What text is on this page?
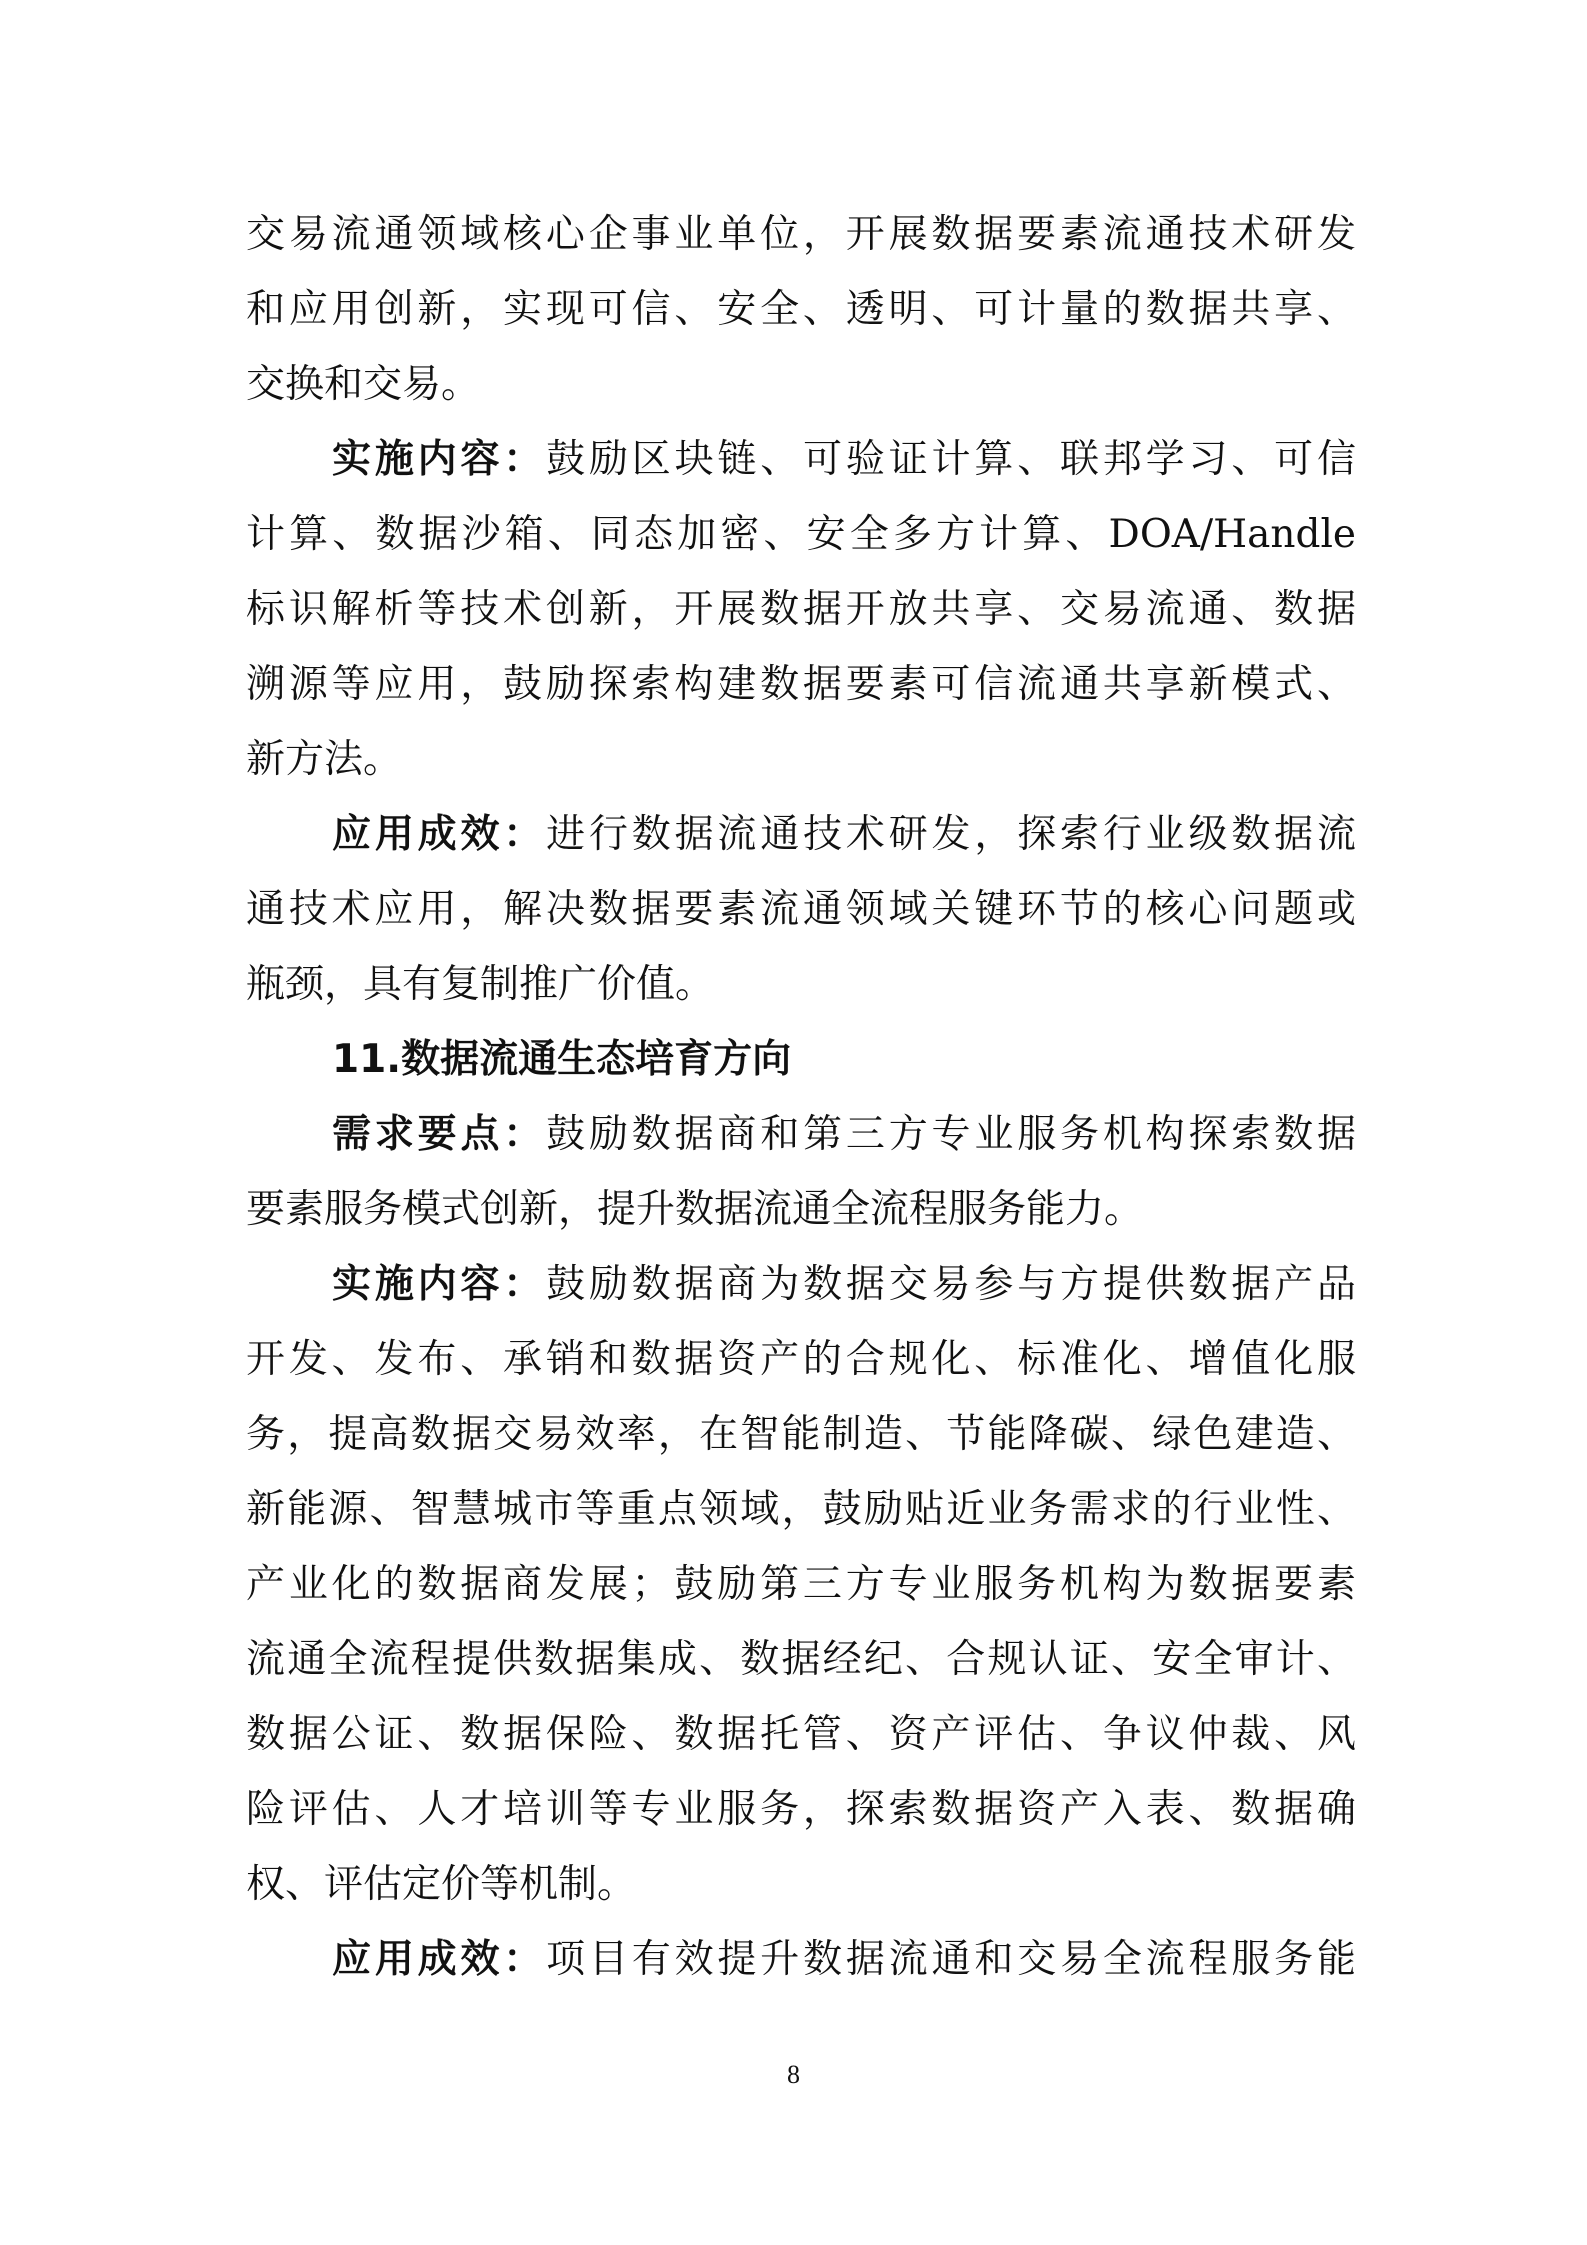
交易流通领域核心企事业单位，开展数据要素流通技术研发
和应用创新，实现可信、安全、透明、可计量的数据共享、
交换和交易。
实施内容：鼓励区块链、可验证计算、联邦学习、可信
计算、数据沙箱、同态加密、安全多方计算、DOA/Handle
标识解析等技术创新，开展数据开放共享、交易流通、数据
溯源等应用，鼓励探索构建数据要素可信流通共享新模式、
新方法。
应用成效：进行数据流通技术研发，探索行业级数据流
通技术应用，解决数据要素流通领域关键环节的核心问题或
瓶颈，具有复制推广价值。
11.数据流通生态培育方向
需求要点：鼓励数据商和第三方专业服务机构探索数据
要素服务模式创新，提升数据流通全流程服务能力。
实施内容：鼓励数据商为数据交易参与方提供数据产品
开发、发布、承销和数据资产的合规化、标准化、增值化服
务，提高数据交易效率，在智能制造、节能降碳、绿色建造、
新能源、智慧城市等重点领域，鼓励贴近业务需求的行业性、
产业化的数据商发展；鼓励第三方专业服务机构为数据要素
流通全流程提供数据集成、数据经纪、合规认证、安全审计、
数据公证、数据保险、数据托管、资产评估、争议仲裁、风
险评估、人才培训等专业服务，探索数据资产入表、数据确
权、评估定价等机制。
应用成效：项目有效提升数据流通和交易全流程服务能
8
